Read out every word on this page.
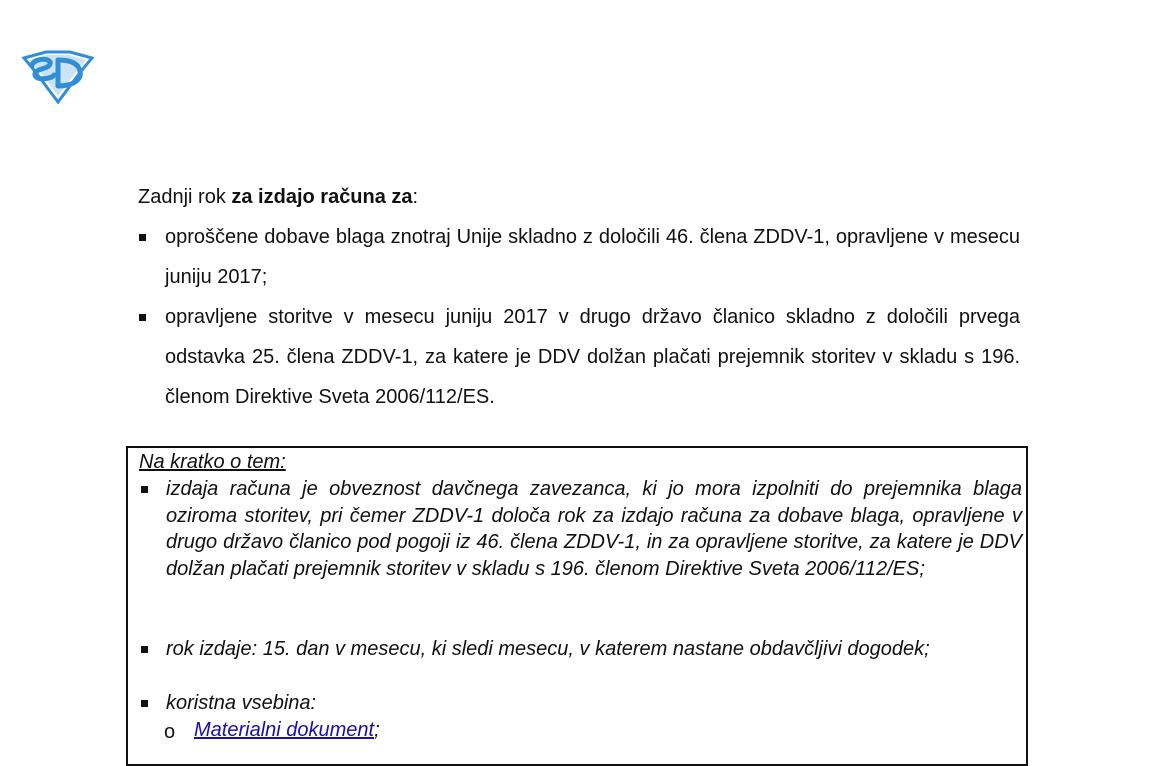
Zadnji rok za izdajo računa za:

oproščene dobave blaga znotraj Unije skladno z določili 46. člena ZDDV-1, opravljene v mesecu juniju 2017;
opravljene storitve v mesecu juniju 2017 v drugo državo članico skladno z določili prvega odstavka 25. člena ZDDV-1, za katere je DDV dolžan plačati prejemnik storitev v skladu s 196. členom Direktive Sveta 2006/112/ES.
Na kratko o tem:
izdaja računa je obveznost davčnega zavezanca, ki jo mora izpolniti do prejemnika blaga oziroma storitev, pri čemer ZDDV-1 določa rok za izdajo računa za dobave blaga, opravljene v drugo državo članico pod pogoji iz 46. člena ZDDV-1, in za opravljene storitve, za katere je DDV dolžan plačati prejemnik storitev v skladu s 196. členom Direktive Sveta 2006/112/ES;
rok izdaje: 15. dan v mesecu, ki sledi mesecu, v katerem nastane obdavčljivi dogodek;
koristna vsebina:
o Materialni dokument;
